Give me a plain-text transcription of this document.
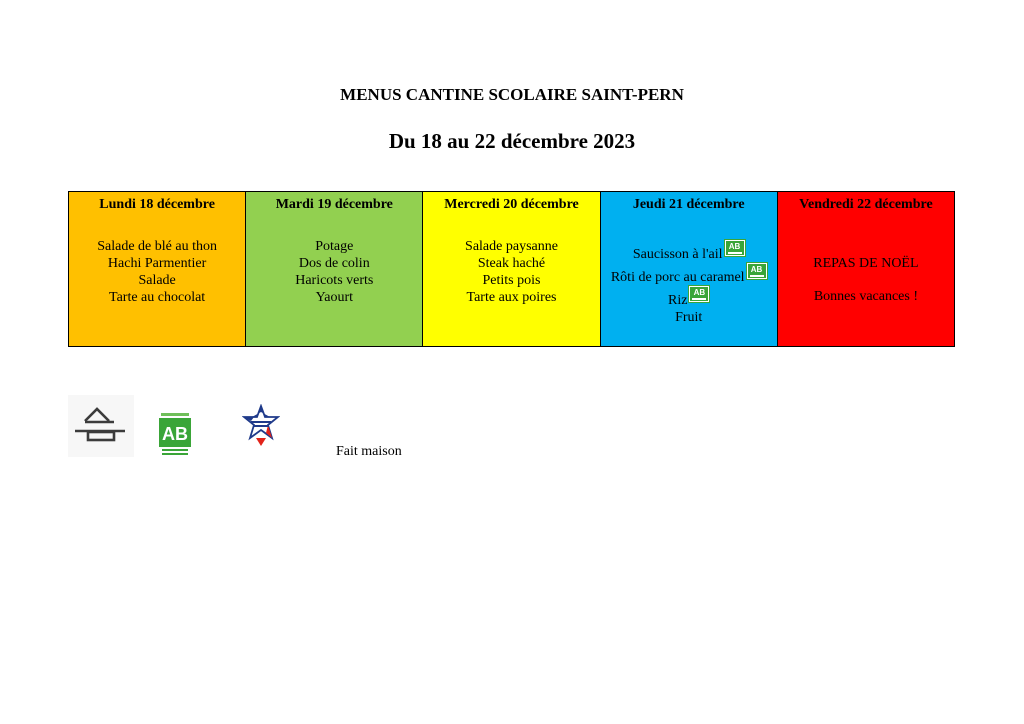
MENUS CANTINE SCOLAIRE SAINT-PERN
Du 18 au 22 décembre 2023
Lundi 18 décembre
Salade de blé au thon
Hachi Parmentier
Salade
Tarte au chocolat
Mardi 19 décembre
Potage
Dos de colin
Haricots verts
Yaourt
Mercredi 20 décembre
Salade paysanne
Steak haché
Petits pois
Tarte aux poires
Jeudi 21 décembre
Saucisson à l'ail
AB
Rôti de porc au caramel
AB
Riz
AB
Fruit
Vendredi 22 décembre
REPAS DE NOËL
Bonnes vacances !
AB
Fait maison
